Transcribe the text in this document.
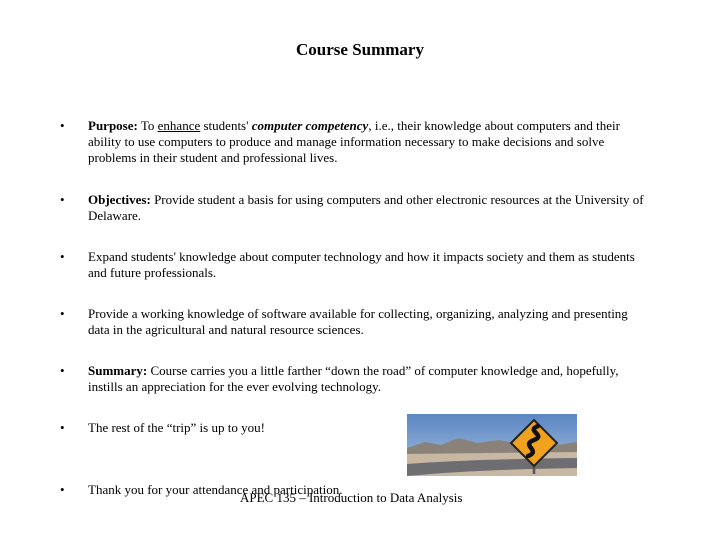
Course Summary
•	Purpose: To enhance students' computer competency, i.e., their knowledge about computers and their ability to use computers to produce and manage information necessary to make decisions and solve problems in their student and professional lives.
•	Objectives: Provide student a basis for using computers and other electronic resources at the University of Delaware.
•	Expand students' knowledge about computer technology and how it impacts society and them as students and future professionals.
•	Provide a working knowledge of software available for collecting, organizing, analyzing and presenting data in the agricultural and natural resource sciences.
•	Summary: Course carries you a little farther “down the road” of computer knowledge and, hopefully, instills an appreciation for the ever evolving technology.
•	The rest of the “trip” is up to you!
•	Thank you for your attendance and participation.
APEC 135 – Introduction to Data Analysis
